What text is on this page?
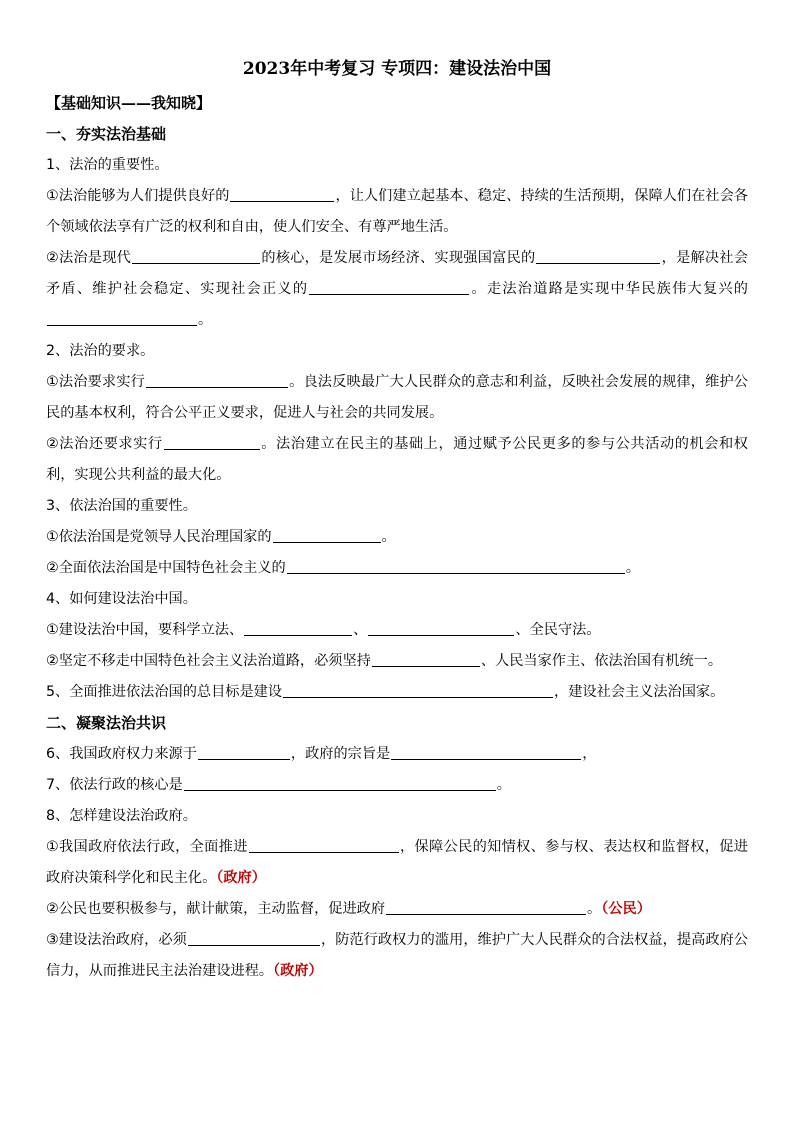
2023年中考复习 专项四：建设法治中国

【基础知识——我知晓】

一、夯实法治基础

1、法治的重要性。

①法治能够为人们提供良好的	，让人们建立起基本、稳定、持续的生活预期，保障人们在社会各个领域依法享有广泛的权利和自由，使人们安全、有尊严地生活。

②法治是现代	的核心，是发展市场经济、实现强国富民的	，是解决社会矛盾、维护社会稳定、实现社会正义的	。走法治道路是实现中华民族伟大复兴的。

2、法治的要求。

①法治要求实行	。良法反映最广大人民群众的意志和利益，反映社会发展的规律，维护公民的基本权利，符合公平正义要求，促进人与社会的共同发展。

②法治还要求实行	。法治建立在民主的基础上，通过赋予公民更多的参与公共活动的机会和权利，实现公共利益的最大化。

3、依法治国的重要性。

①依法治国是党领导人民治理国家的	。

②全面依法治国是中国特色社会主义的	。

4、如何建设法治中国。

①建设法治中国，要科学立法、	、	、全民守法。

②坚定不移走中国特色社会主义法治道路，必须坚持	、人民当家作主、依法治国有机统一。

5、全面推进依法治国的总目标是建设	，建设社会主义法治国家。

二、凝聚法治共识

6、我国政府权力来源于	，政府的宗旨是	，

7、依法行政的核心是	。

8、怎样建设法治政府。

①我国政府依法行政，全面推进	，保障公民的知情权、参与权、表达权和监督权，促进政府决策科学化和民主化。（政府）

②公民也要积极参与，献计献策，主动监督，促进政府	。（公民）

③建设法治政府，必须	，防范行政权力的滥用，维护广大人民群众的合法权益，提高政府公信力，从而推进民主法治建设进程。（政府）
